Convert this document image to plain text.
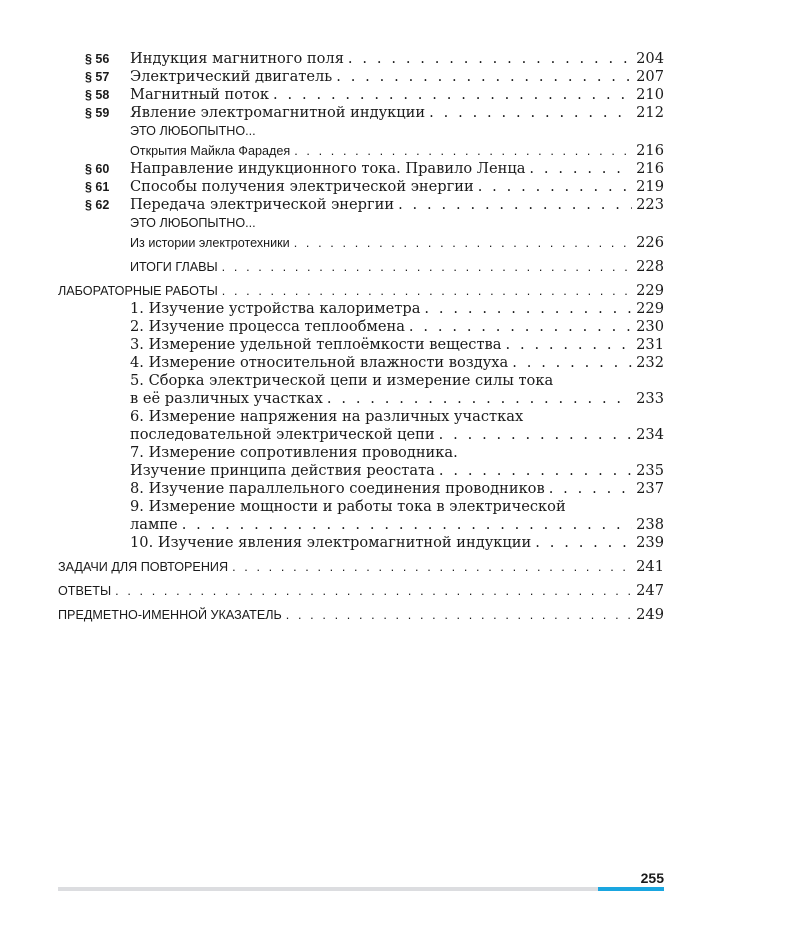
§ 56	Индукция магнитного поля . . .	204
§ 57	Электрический двигатель . . .	207
§ 58	Магнитный поток . . .	210
§ 59	Явление электромагнитной индукции . . .	212
ЭТО ЛЮБОПЫТНО...
Открытия Майкла Фарадея . . .	216
§ 60	Направление индукционного тока. Правило Ленца . . .	216
§ 61	Способы получения электрической энергии . . .	219
§ 62	Передача электрической энергии . . .	223
ЭТО ЛЮБОПЫТНО...
Из истории электротехники . . .	226
ИТОГИ ГЛАВЫ . . .	228
ЛАБОРАТОРНЫЕ РАБОТЫ . . .	229
1. Изучение устройства калориметра . . .	229
2. Изучение процесса теплообмена . . .	230
3. Измерение удельной теплоёмкости вещества . . .	231
4. Измерение относительной влажности воздуха . . .	232
5. Сборка электрической цепи и измерение силы тока
в её различных участках . . .	233
6. Измерение напряжения на различных участках
последовательной электрической цепи . . .	234
7. Измерение сопротивления проводника.
Изучение принципа действия реостата . . .	235
8. Изучение параллельного соединения проводников . . .	237
9. Измерение мощности и работы тока в электрической
лампе . . .	238
10. Изучение явления электромагнитной индукции . . .	239
ЗАДАЧИ ДЛЯ ПОВТОРЕНИЯ . . .	241
ОТВЕТЫ . . .	247
ПРЕДМЕТНО-ИМЕННОЙ УКАЗАТЕЛЬ . . .	249
255
